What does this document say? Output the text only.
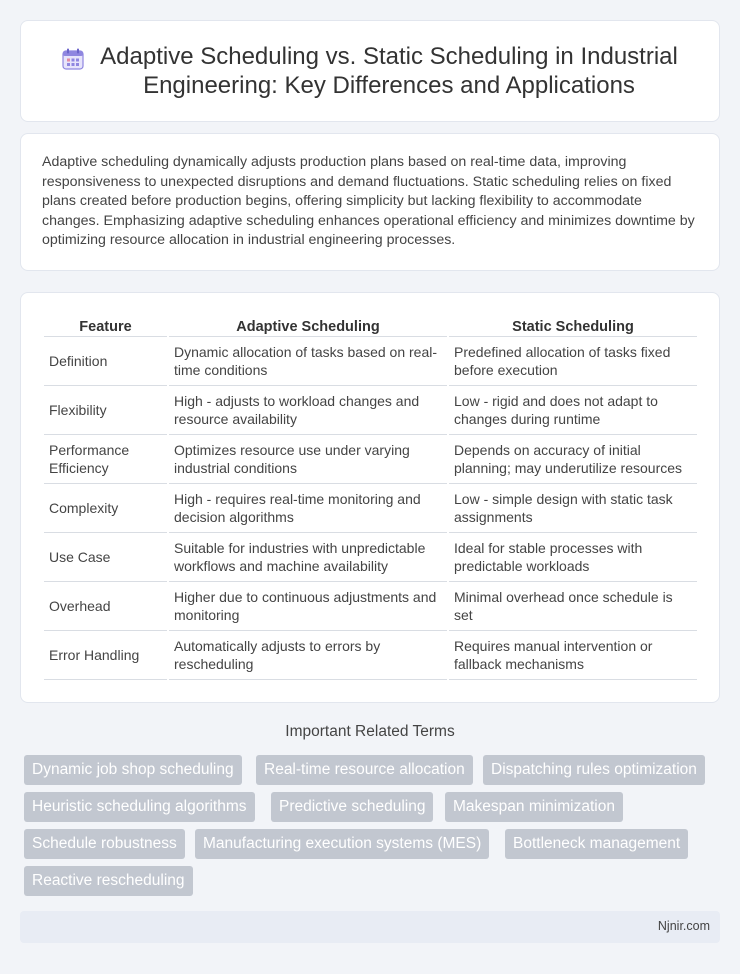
Adaptive Scheduling vs. Static Scheduling in Industrial Engineering: Key Differences and Applications

Adaptive scheduling dynamically adjusts production plans based on real-time data, improving responsiveness to unexpected disruptions and demand fluctuations. Static scheduling relies on fixed plans created before production begins, offering simplicity but lacking flexibility to accommodate changes. Emphasizing adaptive scheduling enhances operational efficiency and minimizes downtime by optimizing resource allocation in industrial engineering processes.

Feature	Adaptive Scheduling	Static Scheduling
Definition	Dynamic allocation of tasks based on real-time conditions	Predefined allocation of tasks fixed before execution
Flexibility	High - adjusts to workload changes and resource availability	Low - rigid and does not adapt to changes during runtime
Performance Efficiency	Optimizes resource use under varying industrial conditions	Depends on accuracy of initial planning; may underutilize resources
Complexity	High - requires real-time monitoring and decision algorithms	Low - simple design with static task assignments
Use Case	Suitable for industries with unpredictable workflows and machine availability	Ideal for stable processes with predictable workloads
Overhead	Higher due to continuous adjustments and monitoring	Minimal overhead once schedule is set
Error Handling	Automatically adjusts to errors by rescheduling	Requires manual intervention or fallback mechanisms
Important Related Terms
Dynamic job shop scheduling	Real-time resource allocation	Dispatching rules optimization
Heuristic scheduling algorithms	Predictive scheduling	Makespan minimization
Schedule robustness	Manufacturing execution systems (MES)	Bottleneck management
Reactive rescheduling
Njnir.com
